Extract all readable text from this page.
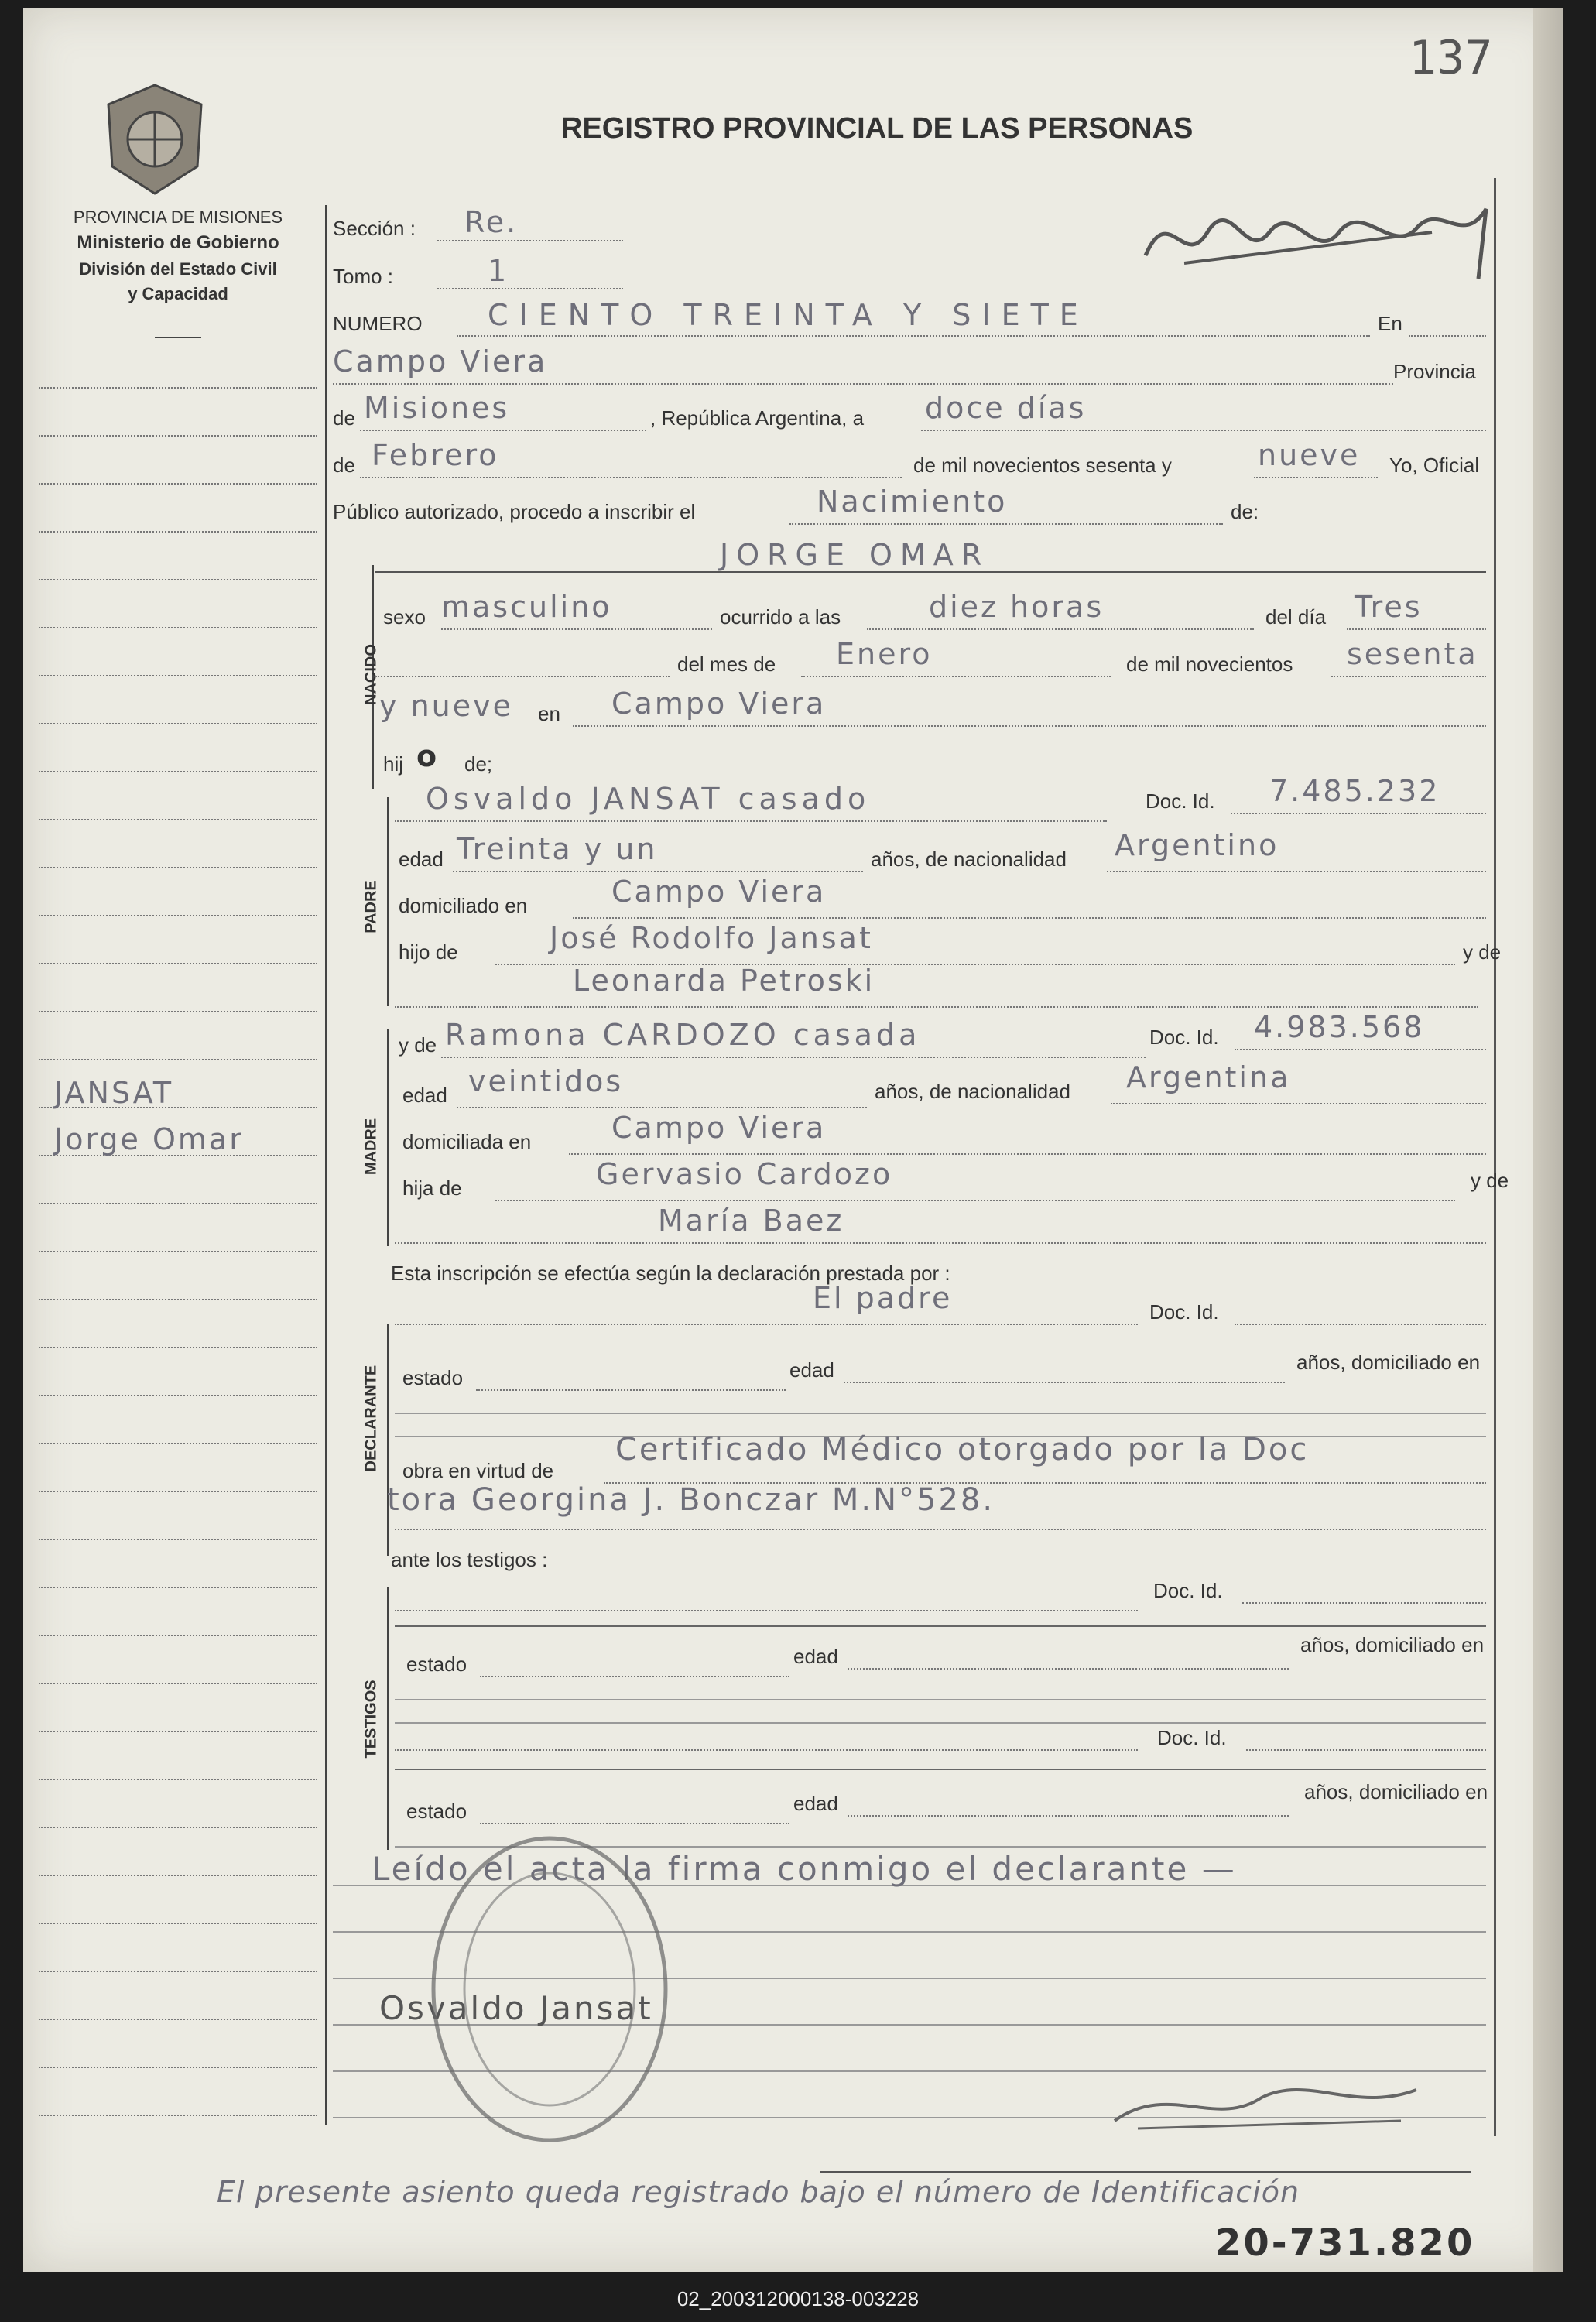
137
REGISTRO PROVINCIAL DE LAS PERSONAS
PROVINCIA DE MISIONES
Ministerio de Gobierno
División del Estado Civil
y Capacidad
JANSAT
Jorge Omar
Sección : Re.
Tomo :	1
NUMERO CIENTO TREINTA Y SIETE	En
Campo Viera	Provincia
de Misiones	, República Argentina, a doce días
de Febrero	de mil novecientos sesenta y	nueve Yo, Oficial
Público autorizado, procedo a inscribir el	Nacimiento	de:
NACIDO
JORGE OMAR
sexo masculino	ocurrido a las	diez horas	del día Tres
del mes de Enero	de mil novecientos sesenta
y nueve en Campo Viera
hij o de;
PADRE
Osvaldo JANSAT casado	Doc. Id. 7.485.232
edad Treinta y un	años, de nacionalidad Argentino
domiciliado en	Campo Viera
hijo de	José Rodolfo Jansat	y de
Leonarda Petroski
MADRE
y de Ramona CARDOZO casada	Doc. Id. 4.983.568
edad veintidos	años, de nacionalidad Argentina
domiciliada en	Campo Viera
hija de	Gervasio Cardozo	y de
María Baez
Esta inscripción se efectúa según la declaración prestada por :
El padre	Doc. Id.
DECLARANTE estado	edad	años, domiciliado en
obra en virtud de
Certificado Médico otorgado por la Doc
tora Georgina J. Bonczar M.N°528.
ante los testigos :
TESTIGOS
Doc. Id.
estado	edad	años, domiciliado en
Doc. Id.
estado	edad	años, domiciliado en
Leído el acta la firma conmigo el declarante —
Osvaldo Jansat
El presente asiento queda registrado bajo el número de Identificación
20-731.820
02_200312000138-003228
